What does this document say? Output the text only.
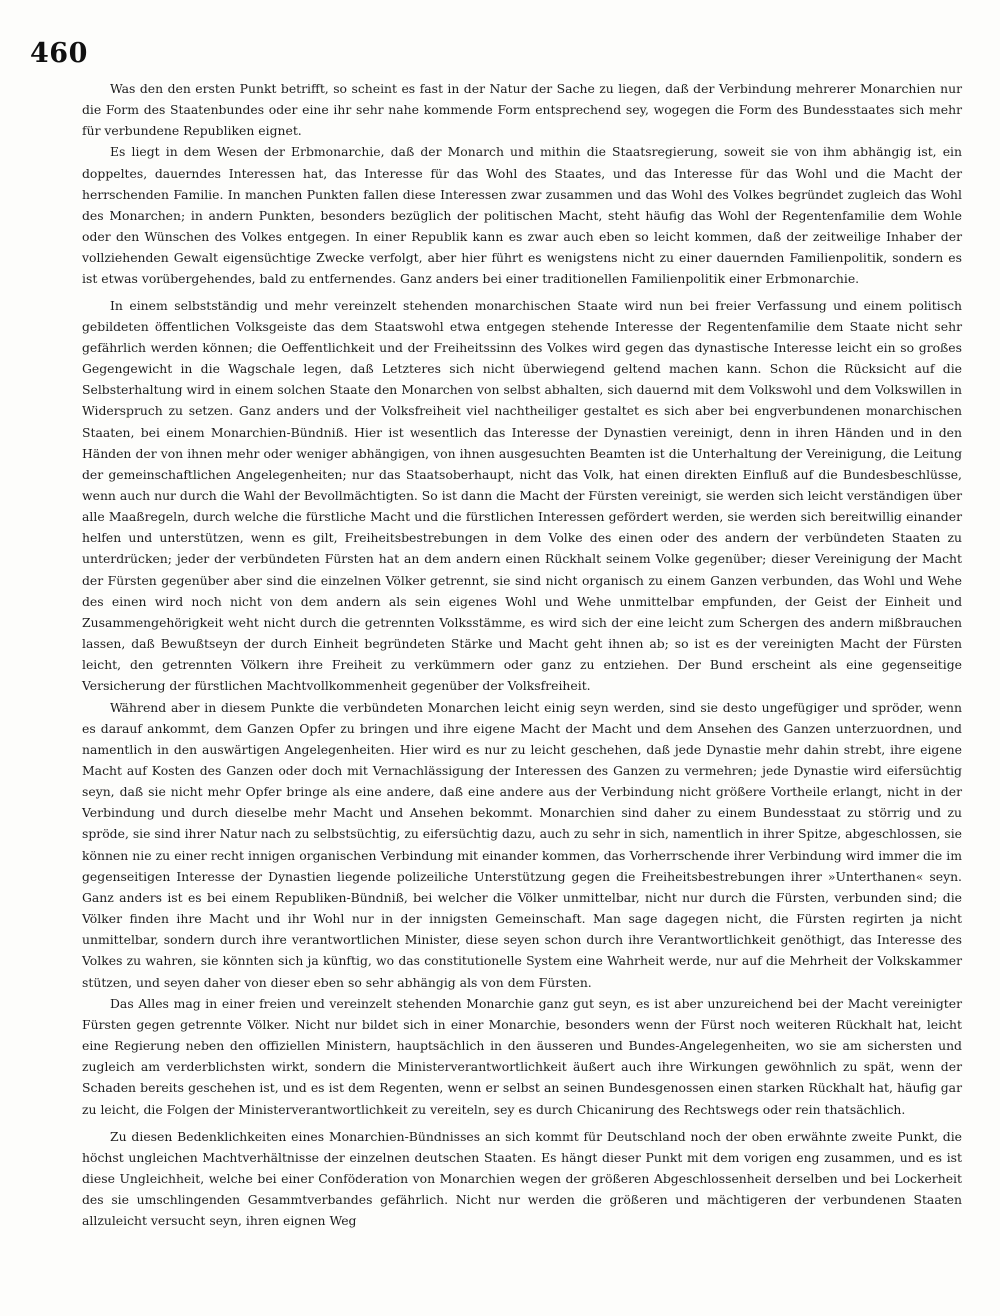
460

Was den den ersten Punkt betrifft, so scheint es fast in der Natur der Sache zu liegen, daß der Verbindung mehrerer Monarchien nur die Form des Staatenbundes oder eine ihr sehr nahe kommende Form entsprechend sey, wogegen die Form des Bundesstaates sich mehr für verbundene Republiken eignet.

Es liegt in dem Wesen der Erbmonarchie, daß der Monarch und mithin die Staatsregierung, soweit sie von ihm abhängig ist, ein doppeltes, dauerndes Interessen hat, das Interesse für das Wohl des Staates, und das Interesse für das Wohl und die Macht der herrschenden Familie. In manchen Punkten fallen diese Interessen zwar zusammen und das Wohl des Volkes begründet zugleich das Wohl des Monarchen; in andern Punkten, besonders bezüglich der politischen Macht, steht häufig das Wohl der Regentenfamilie dem Wohle oder den Wünschen des Volkes entgegen. In einer Republik kann es zwar auch eben so leicht kommen, daß der zeitweilige Inhaber der vollziehenden Gewalt eigensüchtige Zwecke verfolgt, aber hier führt es wenigstens nicht zu einer dauernden Familienpolitik, sondern es ist etwas vorübergehendes, bald zu entfernendes. Ganz anders bei einer traditionellen Familienpolitik einer Erbmonarchie.

In einem selbstständig und mehr vereinzelt stehenden monarchischen Staate wird nun bei freier Verfassung und einem politisch gebildeten öffentlichen Volksgeiste das dem Staatswohl etwa entgegen stehende Interesse der Regentenfamilie dem Staate nicht sehr gefährlich werden können; die Oeffentlichkeit und der Freiheitssinn des Volkes wird gegen das dynastische Interesse leicht ein so großes Gegengewicht in die Wagschale legen, daß Letzteres sich nicht überwiegend geltend machen kann. Schon die Rücksicht auf die Selbsterhaltung wird in einem solchen Staate den Monarchen von selbst abhalten, sich dauernd mit dem Volkswohl und dem Volkswillen in Widerspruch zu setzen. Ganz anders und der Volksfreiheit viel nachtheiliger gestaltet es sich aber bei engverbundenen monarchischen Staaten, bei einem Monarchien-Bündniß. Hier ist wesentlich das Interesse der Dynastien vereinigt, denn in ihren Händen und in den Händen der von ihnen mehr oder weniger abhängigen, von ihnen ausgesuchten Beamten ist die Unterhaltung der Vereinigung, die Leitung der gemeinschaftlichen Angelegenheiten; nur das Staatsoberhaupt, nicht das Volk, hat einen direkten Einfluß auf die Bundesbeschlüsse, wenn auch nur durch die Wahl der Bevollmächtigten. So ist dann die Macht der Fürsten vereinigt, sie werden sich leicht verständigen über alle Maaßregeln, durch welche die fürstliche Macht und die fürstlichen Interessen gefördert werden, sie werden sich bereitwillig einander helfen und unterstützen, wenn es gilt, Freiheitsbestrebungen in dem Volke des einen oder des andern der verbündeten Staaten zu unterdrücken; jeder der verbündeten Fürsten hat an dem andern einen Rückhalt seinem Volke gegenüber; dieser Vereinigung der Macht der Fürsten gegenüber aber sind die einzelnen Völker getrennt, sie sind nicht organisch zu einem Ganzen verbunden, das Wohl und Wehe des einen wird noch nicht von dem andern als sein eigenes Wohl und Wehe unmittelbar empfunden, der Geist der Einheit und Zusammengehörigkeit weht nicht durch die getrennten Volksstämme, es wird sich der eine leicht zum Schergen des andern mißbrauchen lassen, daß Bewußtseyn der durch Einheit begründeten Stärke und Macht geht ihnen ab; so ist es der vereinigten Macht der Fürsten leicht, den getrennten Völkern ihre Freiheit zu verkümmern oder ganz zu entziehen. Der Bund erscheint als eine gegenseitige Versicherung der fürstlichen Machtvollkommenheit gegenüber der Volksfreiheit.

Während aber in diesem Punkte die verbündeten Monarchen leicht einig seyn werden, sind sie desto ungefügiger und spröder, wenn es darauf ankommt, dem Ganzen Opfer zu bringen und ihre eigene Macht der Macht und dem Ansehen des Ganzen unterzuordnen, und namentlich in den auswärtigen Angelegenheiten. Hier wird es nur zu leicht geschehen, daß jede Dynastie mehr dahin strebt, ihre eigene Macht auf Kosten des Ganzen oder doch mit Vernachlässigung der Interessen des Ganzen zu vermehren; jede Dynastie wird eifersüchtig seyn, daß sie nicht mehr Opfer bringe als eine andere, daß eine andere aus der Verbindung nicht größere Vortheile erlangt, nicht in der Verbindung und durch dieselbe mehr Macht und Ansehen bekommt. Monarchien sind daher zu einem Bundesstaat zu störrig und zu spröde, sie sind ihrer Natur nach zu selbstsüchtig, zu eifersüchtig dazu, auch zu sehr in sich, namentlich in ihrer Spitze, abgeschlossen, sie können nie zu einer recht innigen organischen Verbindung mit einander kommen, das Vorherrschende ihrer Verbindung wird immer die im gegenseitigen Interesse der Dynastien liegende polizeiliche Unterstützung gegen die Freiheitsbestrebungen ihrer »Unterthanen« seyn. Ganz anders ist es bei einem Republiken-Bündniß, bei welcher die Völker unmittelbar, nicht nur durch die Fürsten, verbunden sind; die Völker finden ihre Macht und ihr Wohl nur in der innigsten Gemeinschaft. Man sage dagegen nicht, die Fürsten regirten ja nicht unmittelbar, sondern durch ihre verantwortlichen Minister, diese seyen schon durch ihre Verantwortlichkeit genöthigt, das Interesse des Volkes zu wahren, sie könnten sich ja künftig, wo das constitutionelle System eine Wahrheit werde, nur auf die Mehrheit der Volkskammer stützen, und seyen daher von dieser eben so sehr abhängig als von dem Fürsten.

Das Alles mag in einer freien und vereinzelt stehenden Monarchie ganz gut seyn, es ist aber unzureichend bei der Macht vereinigter Fürsten gegen getrennte Völker. Nicht nur bildet sich in einer Monarchie, besonders wenn der Fürst noch weiteren Rückhalt hat, leicht eine Regierung neben den offiziellen Ministern, hauptsächlich in den äusseren und Bundes-Angelegenheiten, wo sie am sichersten und zugleich am verderblichsten wirkt, sondern die Ministerverantwortlichkeit äußert auch ihre Wirkungen gewöhnlich zu spät, wenn der Schaden bereits geschehen ist, und es ist dem Regenten, wenn er selbst an seinen Bundesgenossen einen starken Rückhalt hat, häufig gar zu leicht, die Folgen der Ministerverantwortlichkeit zu vereiteln, sey es durch Chicanirung des Rechtswegs oder rein thatsächlich.

Zu diesen Bedenklichkeiten eines Monarchien-Bündnisses an sich kommt für Deutschland noch der oben erwähnte zweite Punkt, die höchst ungleichen Machtverhältnisse der einzelnen deutschen Staaten. Es hängt dieser Punkt mit dem vorigen eng zusammen, und es ist diese Ungleichheit, welche bei einer Conföderation von Monarchien wegen der größeren Abgeschlossenheit derselben und bei Lockerheit des sie umschlingenden Gesammtverbandes gefährlich. Nicht nur werden die größeren und mächtigeren der verbundenen Staaten allzuleicht versucht seyn, ihren eignen Weg
